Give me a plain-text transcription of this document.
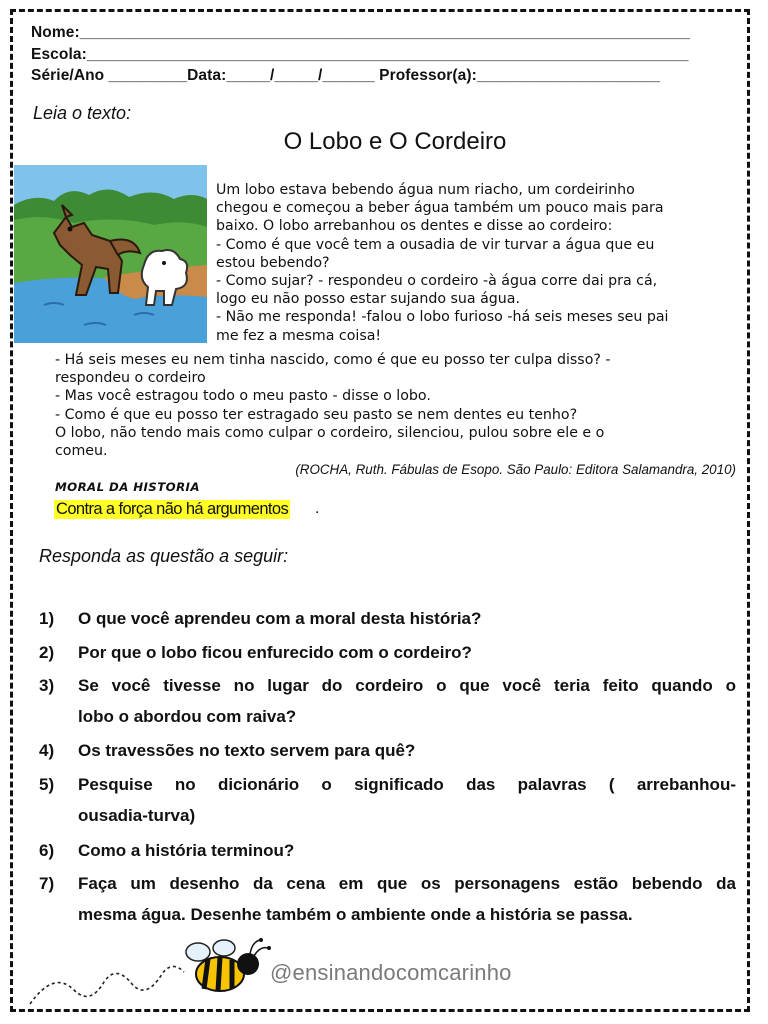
Nome:______________________________________________________________________
Escola:_____________________________________________________________________
Série/Ano _________Data:_____/_____/______ Professor(a):_____________________
Leia o texto:
O Lobo e O Cordeiro
Um lobo estava bebendo água num riacho, um cordeirinho
chegou e começou a beber água também um pouco mais para
baixo. O lobo arrebanhou os dentes e disse ao cordeiro:
- Como é que você tem a ousadia de vir turvar a água que eu
estou bebendo?
- Como sujar? - respondeu o cordeiro -à água corre dai pra cá,
logo eu não posso estar sujando sua água.
- Não me responda! -falou o lobo furioso -há seis meses seu pai
me fez a mesma coisa!
- Há seis meses eu nem tinha nascido, como é que eu posso ter culpa disso? -
respondeu o cordeiro
- Mas você estragou todo o meu pasto - disse o lobo.
- Como é que eu posso ter estragado seu pasto se nem dentes eu tenho?
O lobo, não tendo mais como culpar o cordeiro, silenciou, pulou sobre ele e o
comeu.
(ROCHA, Ruth. Fábulas de Esopo. São Paulo: Editora Salamandra, 2010)
MORAL DA HISTORIA
Contra a força não há argumentos .
Responda as questão a seguir:
1) O que você aprendeu com a moral desta história?
2) Por que o lobo ficou enfurecido com o cordeiro?
3) Se você tivesse no lugar do cordeiro o que você teria feito quando o
lobo o abordou com raiva?
4) Os travessões no texto servem para quê?
5) Pesquise no dicionário o significado das palavras ( arrebanhou-
ousadia-turva)
6) Como a história terminou?
7) Faça um desenho da cena em que os personagens estão bebendo da
mesma água. Desenhe também o ambiente onde a história se passa.
@ensinandocomcarinho
